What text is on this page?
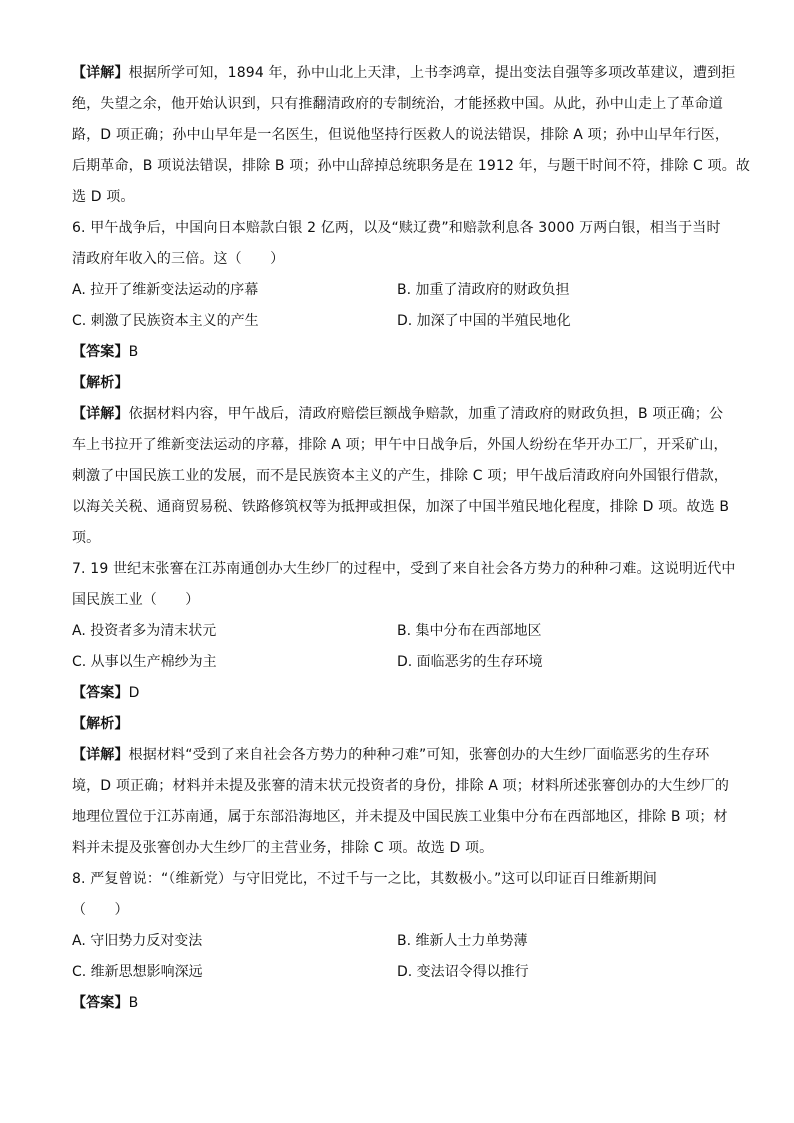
【详解】根据所学可知，1894 年，孙中山北上天津，上书李鸿章，提出变法自强等多项改革建议，遭到拒
绝，失望之余，他开始认识到，只有推翻清政府的专制统治，才能拯救中国。从此，孙中山走上了革命道
路，D 项正确；孙中山早年是一名医生，但说他坚持行医救人的说法错误，排除 A 项；孙中山早年行医，
后期革命，B 项说法错误，排除 B 项；孙中山辞掉总统职务是在 1912 年，与题干时间不符，排除 C 项。故
选 D 项。
6. 甲午战争后，中国向日本赔款白银 2 亿两，以及“赎辽费”和赔款利息各 3000 万两白银，相当于当时
清政府年收入的三倍。这（　　）
A. 拉开了维新变法运动的序幕	B. 加重了清政府的财政负担
C. 刺激了民族资本主义的产生	D. 加深了中国的半殖民地化
【答案】B
【解析】
【详解】依据材料内容，甲午战后，清政府赔偿巨额战争赔款，加重了清政府的财政负担，B 项正确；公
车上书拉开了维新变法运动的序幕，排除 A 项；甲午中日战争后，外国人纷纷在华开办工厂，开采矿山，
刺激了中国民族工业的发展，而不是民族资本主义的产生，排除 C 项；甲午战后清政府向外国银行借款，
以海关关税、通商贸易税、铁路修筑权等为抵押或担保，加深了中国半殖民地化程度，排除 D 项。故选 B
项。
7. 19 世纪末张謇在江苏南通创办大生纱厂的过程中，受到了来自社会各方势力的种种刁难。这说明近代中
国民族工业（　　）
A. 投资者多为清末状元	B. 集中分布在西部地区
C. 从事以生产棉纱为主	D. 面临恶劣的生存环境
【答案】D
【解析】
【详解】根据材料“受到了来自社会各方势力的种种刁难”可知，张謇创办的大生纱厂面临恶劣的生存环
境，D 项正确；材料并未提及张謇的清末状元投资者的身份，排除 A 项；材料所述张謇创办的大生纱厂的
地理位置位于江苏南通，属于东部沿海地区，并未提及中国民族工业集中分布在西部地区，排除 B 项；材
料并未提及张謇创办大生纱厂的主营业务，排除 C 项。故选 D 项。
8. 严复曾说：“（维新党）与守旧党比，不过千与一之比，其数极小。”这可以印证百日维新期间
（　　）
A. 守旧势力反对变法	B. 维新人士力单势薄
C. 维新思想影响深远	D. 变法诏令得以推行
【答案】B
